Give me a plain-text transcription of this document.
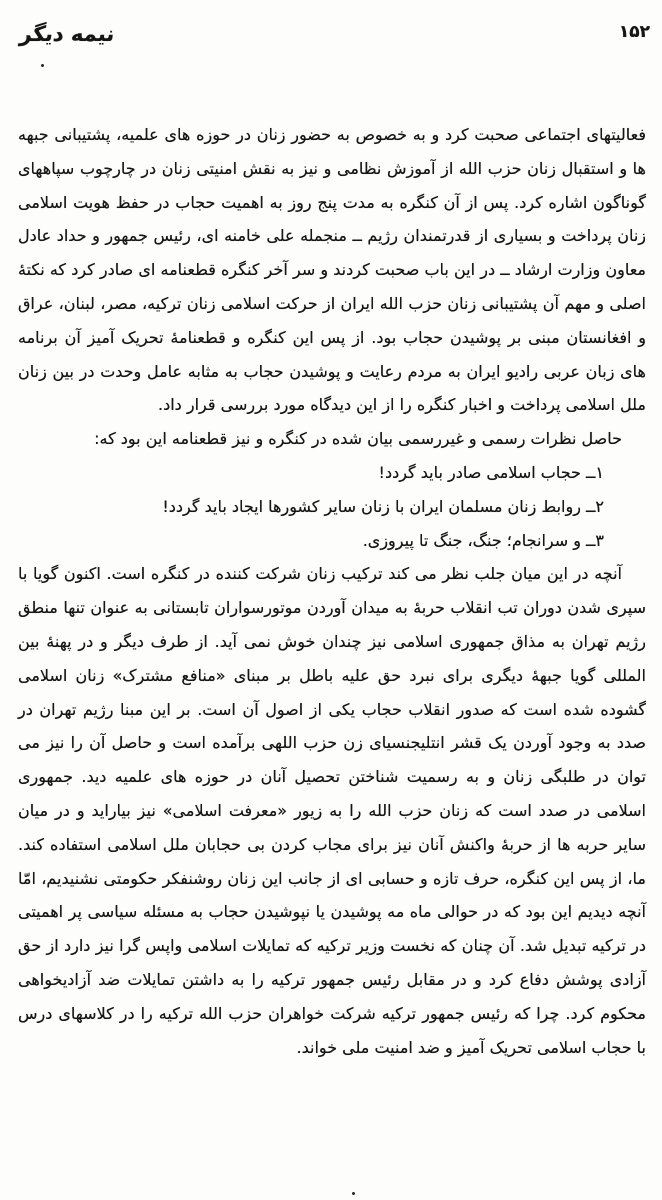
نیمه دیگر	۱۵۲

فعالیتهای اجتماعی صحبت کرد و به خصوص به حضور زنان در حوزه های علمیه، پشتیبانی جبهه ها و استقبال زنان حزب الله از آموزش نظامی و نیز به نقش امنیتی زنان در چارچوب سپاههای گوناگون اشاره کرد. پس از آن کنگره به مدت پنج روز به اهمیت حجاب در حفظ هویت اسلامی زنان پرداخت و بسیاری از قدرتمندان رژیم ــ منجمله علی خامنه ای، رئیس جمهور و حداد عادل معاون وزارت ارشاد ــ در این باب صحبت کردند و سر آخر کنگره قطعنامه ای صادر کرد که نکتۀ اصلی و مهم آن پشتیبانی زنان حزب الله ایران از حرکت اسلامی زنان ترکیه، مصر، لبنان، عراق و افغانستان مبنی بر پوشیدن حجاب بود. از پس این کنگره و قطعنامۀ تحریک آمیز آن برنامه های زبان عربی رادیو ایران به مردم رعایت و پوشیدن حجاب به مثابه عامل وحدت در بین زنان ملل اسلامی پرداخت و اخبار کنگره را از این دیدگاه مورد بررسی قرار داد.

حاصل نظرات رسمی و غیررسمی بیان شده در کنگره و نیز قطعنامه این بود که:

۱ــ حجاب اسلامی صادر باید گردد!

۲ــ روابط زنان مسلمان ایران با زنان سایر کشورها ایجاد باید گردد!

۳ــ و سرانجام؛ جنگ، جنگ تا پیروزی.

آنچه در این میان جلب نظر می کند ترکیب زنان شرکت کننده در کنگره است. اکنون گویا با سپری شدن دوران تب انقلاب حربۀ به میدان آوردن موتورسواران تابستانی به عنوان تنها منطق رژیم تهران به مذاق جمهوری اسلامی نیز چندان خوش نمی آید. از طرف دیگر و در پهنۀ بین المللی گویا جبهۀ دیگری برای نبرد حق علیه باطل بر مبنای «منافع مشترک» زنان اسلامی گشوده شده است که صدور انقلاب حجاب یکی از اصول آن است. بر این مبنا رژیم تهران در صدد به وجود آوردن یک قشر انتلیجنسیای زن حزب اللهی برآمده است و حاصل آن را نیز می توان در طلبگی زنان و به رسمیت شناختن تحصیل آنان در حوزه های علمیه دید. جمهوری اسلامی در صدد است که زنان حزب الله را به زیور «معرفت اسلامی» نیز بیاراید و در میان سایر حربه ها از حربۀ واکنش آنان نیز برای مجاب کردن بی حجابان ملل اسلامی استفاده کند. ما، از پس این کنگره، حرف تازه و حسابی ای از جانب این زنان روشنفکر حکومتی نشنیدیم، امّا آنچه دیدیم این بود که در حوالی ماه مه پوشیدن یا نپوشیدن حجاب به مسئله سیاسی پر اهمیتی در ترکیه تبدیل شد. آن چنان که نخست وزیر ترکیه که تمایلات اسلامی واپس گرا نیز دارد از حق آزادی پوشش دفاع کرد و در مقابل رئیس جمهور ترکیه را به داشتن تمایلات ضد آزادیخواهی محکوم کرد. چرا که رئیس جمهور ترکیه شرکت خواهران حزب الله ترکیه را در کلاسهای درس با حجاب اسلامی تحریک آمیز و ضد امنیت ملی خواند.
